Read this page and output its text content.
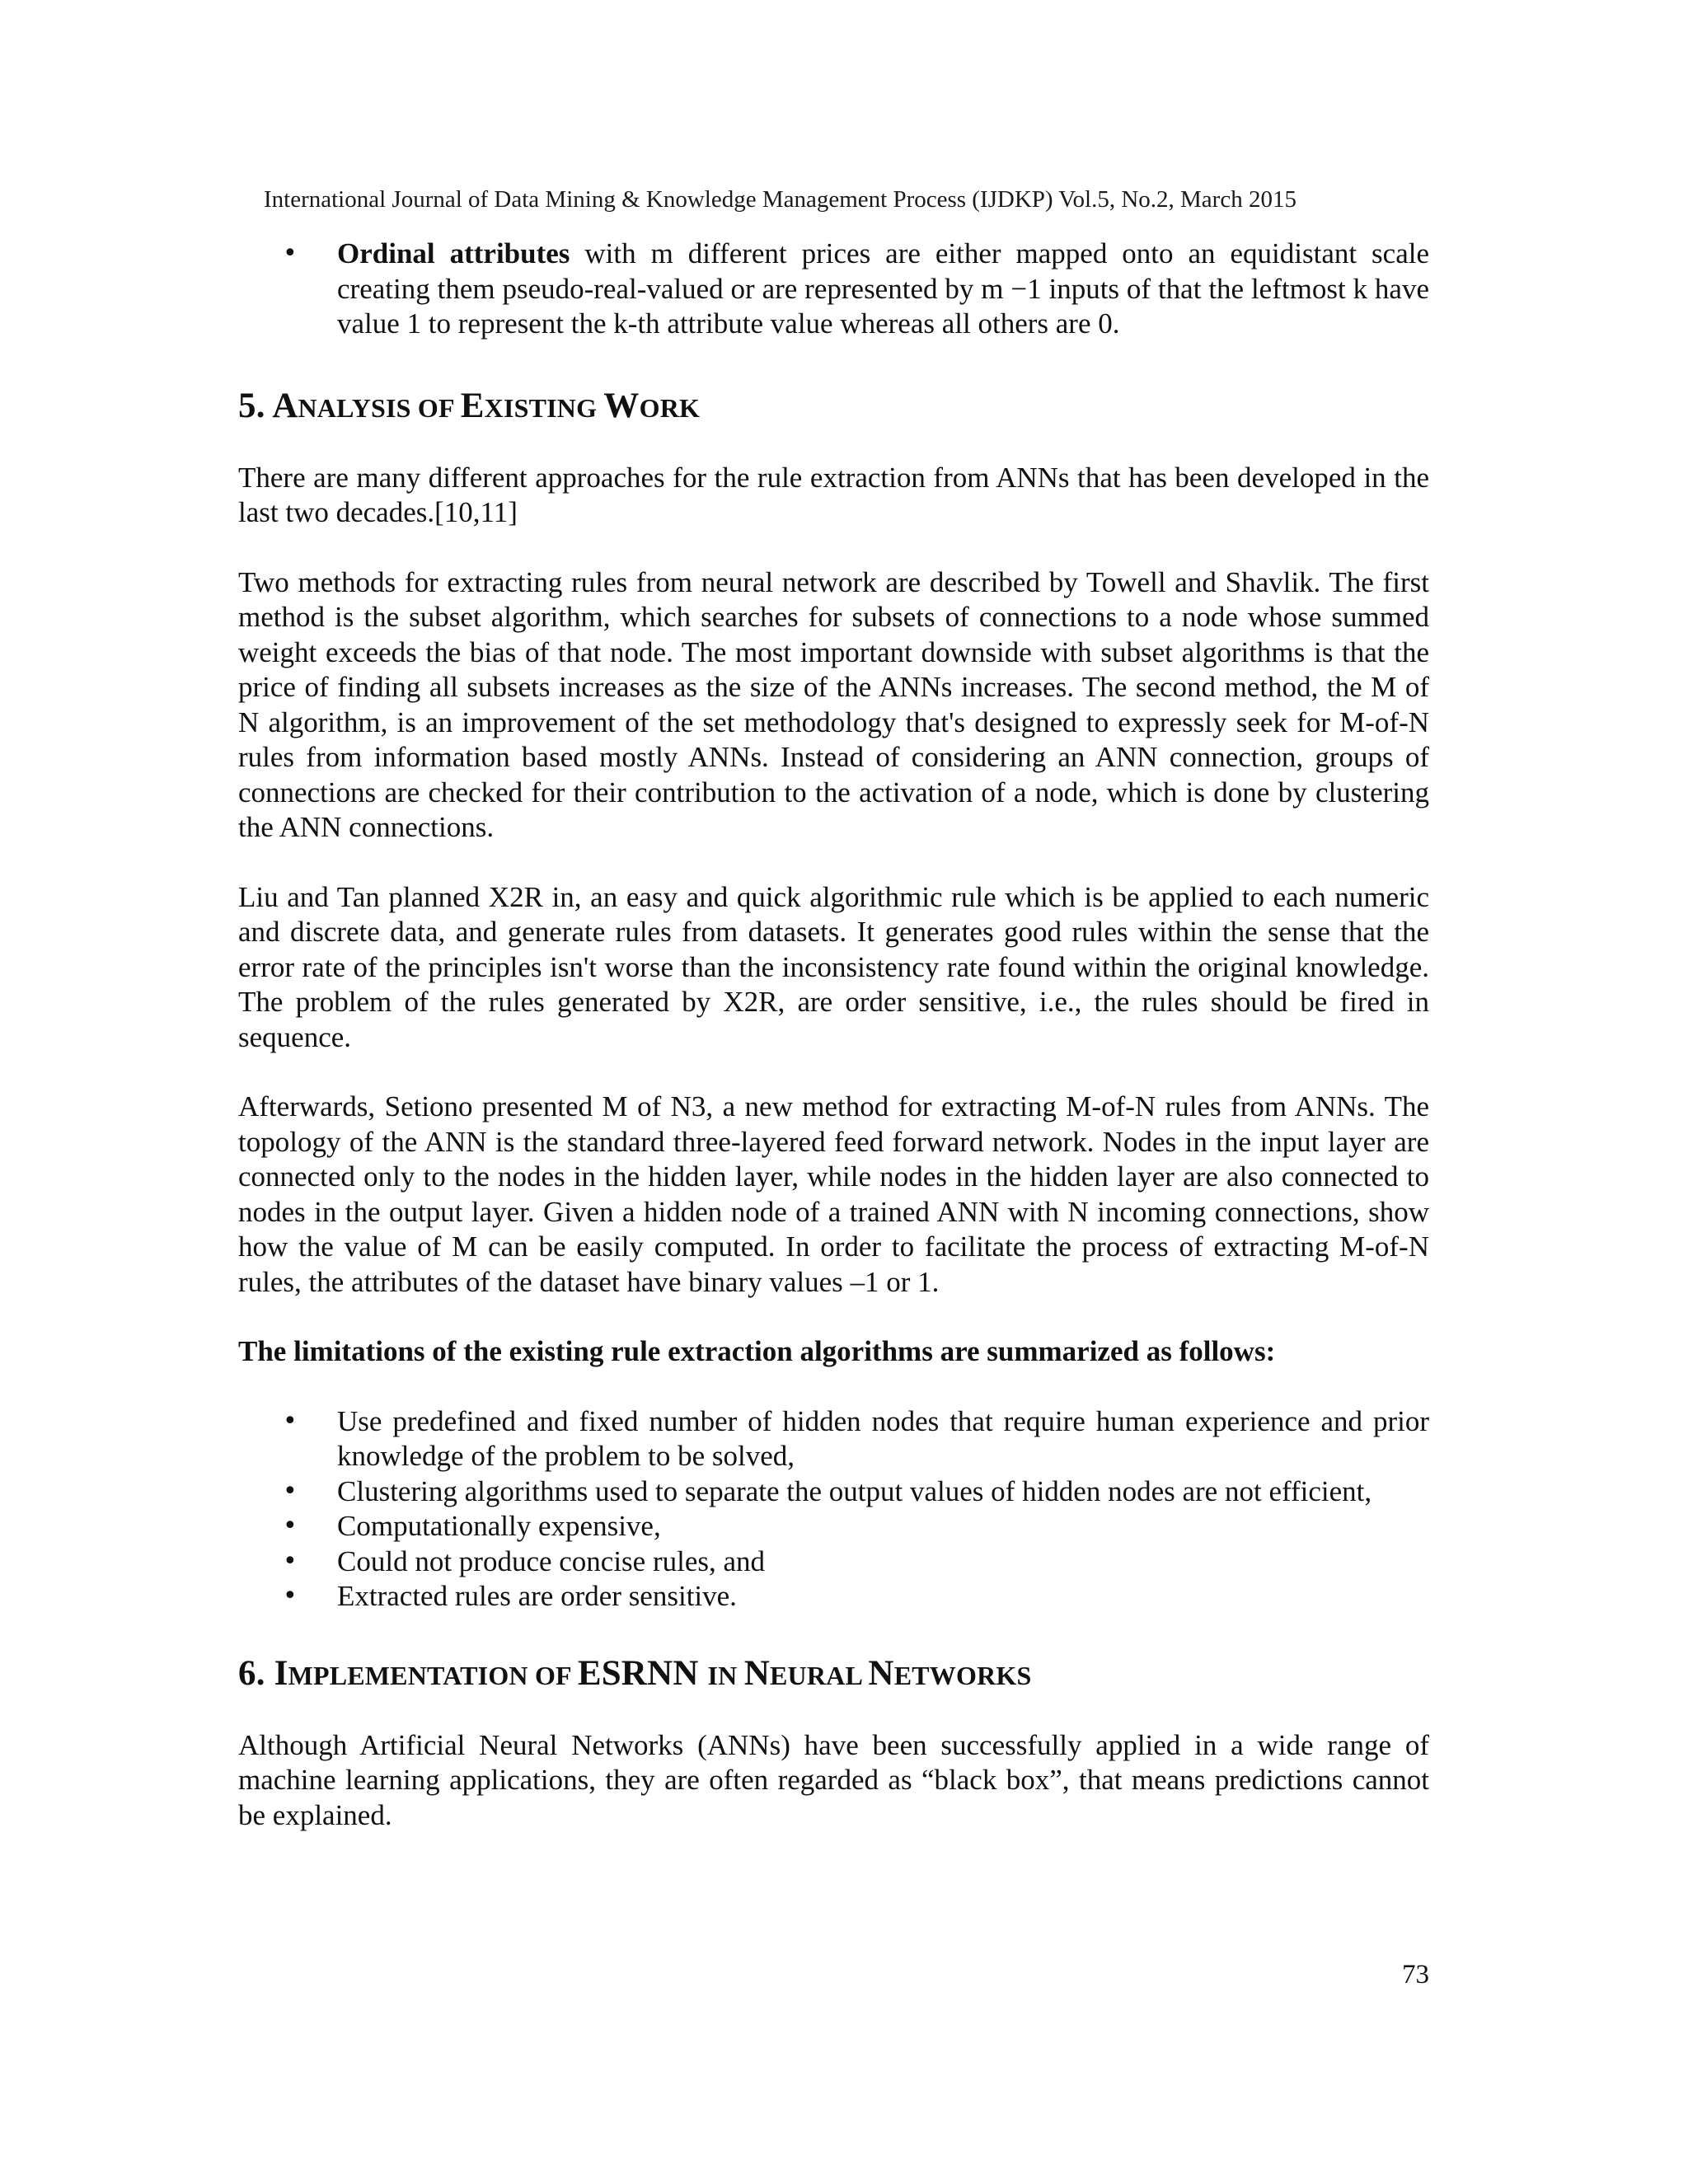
International Journal of Data Mining & Knowledge Management Process (IJDKP) Vol.5, No.2, March 2015
• Ordinal attributes with m different prices are either mapped onto an equidistant scale creating them pseudo-real-valued or are represented by m −1 inputs of that the leftmost k have value 1 to represent the k-th attribute value whereas all others are 0.
5. ANALYSIS OF EXISTING WORK

There are many different approaches for the rule extraction from ANNs that has been developed in the last two decades.[10,11]

Two methods for extracting rules from neural network are described by Towell and Shavlik. The first method is the subset algorithm, which searches for subsets of connections to a node whose summed weight exceeds the bias of that node. The most important downside with subset algorithms is that the price of finding all subsets increases as the size of the ANNs increases. The second method, the M of N algorithm, is an improvement of the set methodology that's designed to expressly seek for M-of-N rules from information based mostly ANNs. Instead of considering an ANN connection, groups of connections are checked for their contribution to the activation of a node, which is done by clustering the ANN connections.

Liu and Tan planned X2R in, an easy and quick algorithmic rule which is be applied to each numeric and discrete data, and generate rules from datasets. It generates good rules within the sense that the error rate of the principles isn't worse than the inconsistency rate found within the original knowledge. The problem of the rules generated by X2R, are order sensitive, i.e., the rules should be fired in sequence.

Afterwards, Setiono presented M of N3, a new method for extracting M-of-N rules from ANNs. The topology of the ANN is the standard three-layered feed forward network. Nodes in the input layer are connected only to the nodes in the hidden layer, while nodes in the hidden layer are also connected to nodes in the output layer. Given a hidden node of a trained ANN with N incoming connections, show how the value of M can be easily computed. In order to facilitate the process of extracting M-of-N rules, the attributes of the dataset have binary values –1 or 1.

The limitations of the existing rule extraction algorithms are summarized as follows:

• Use predefined and fixed number of hidden nodes that require human experience and prior knowledge of the problem to be solved,
• Clustering algorithms used to separate the output values of hidden nodes are not efficient,
• Computationally expensive,
• Could not produce concise rules, and
• Extracted rules are order sensitive.
6. IMPLEMENTATION OF ESRNN IN NEURAL NETWORKS

Although Artificial Neural Networks (ANNs) have been successfully applied in a wide range of machine learning applications, they are often regarded as “black box”, that means predictions cannot be explained.

73
